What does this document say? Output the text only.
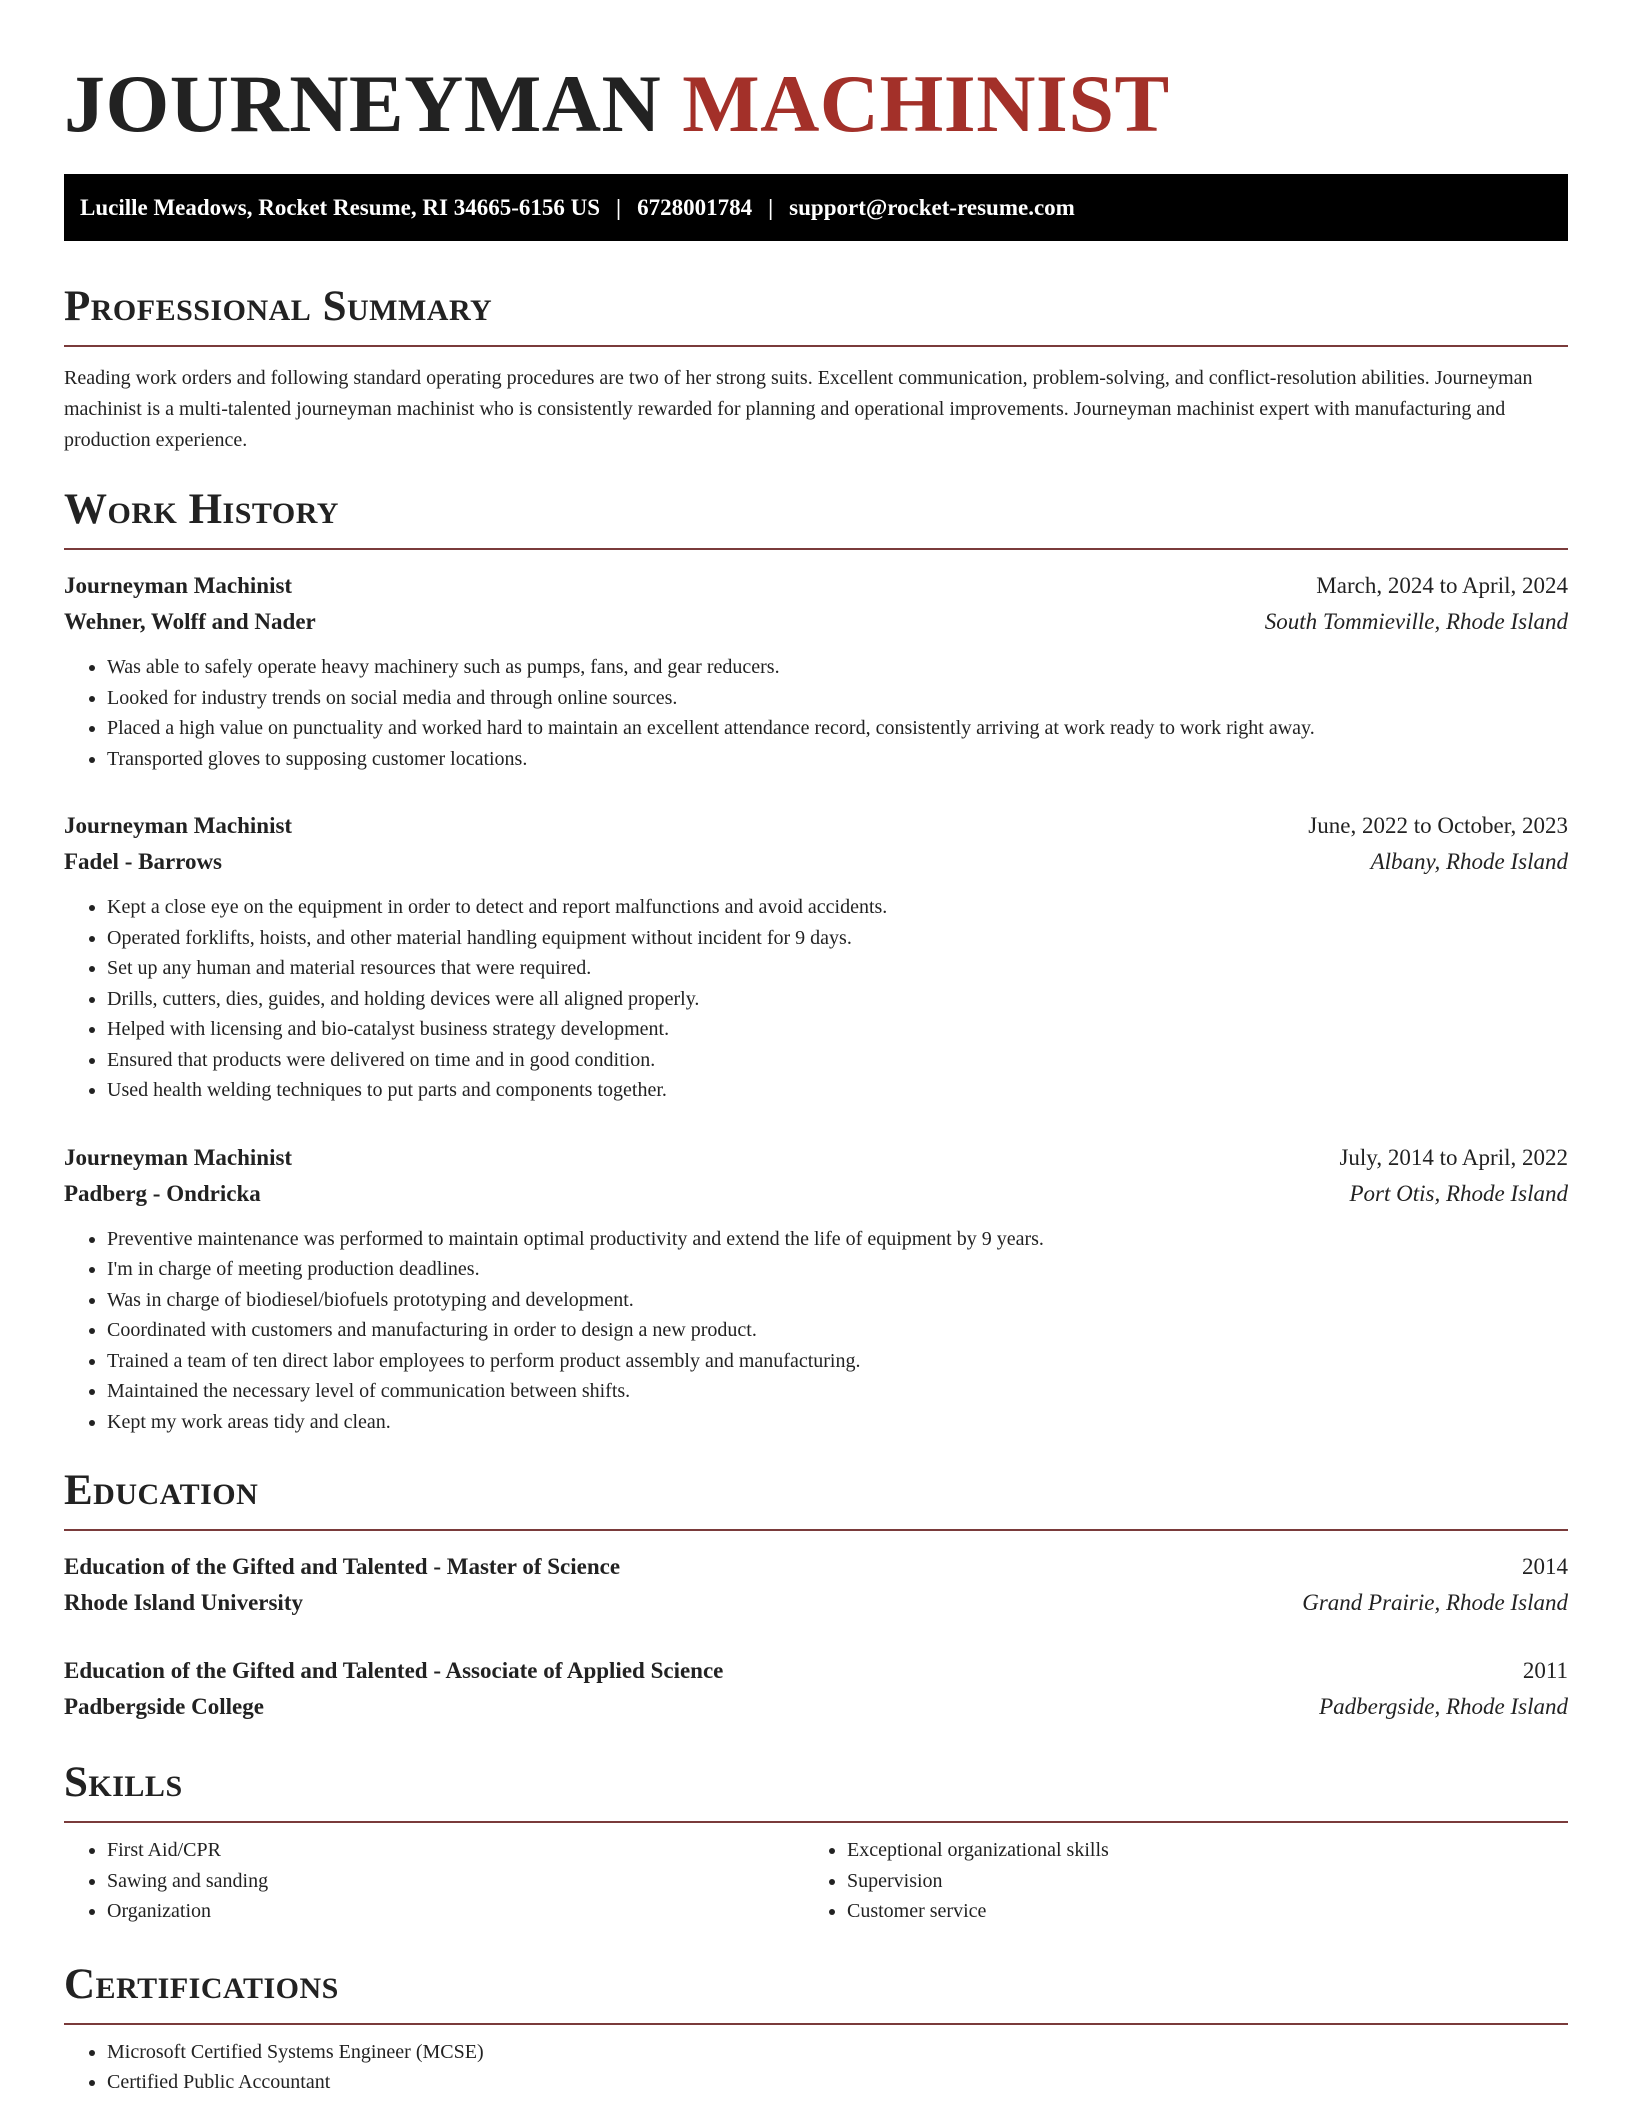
JOURNEYMAN MACHINIST
Lucille Meadows, Rocket Resume, RI 34665-6156 US | 6728001784 | support@rocket-resume.com
Professional Summary

Reading work orders and following standard operating procedures are two of her strong suits. Excellent communication, problem-solving, and conflict-resolution abilities. Journeyman machinist is a multi-talented journeyman machinist who is consistently rewarded for planning and operational improvements. Journeyman machinist expert with manufacturing and production experience.

Work History
Journeyman Machinist	March, 2024 to April, 2024
Wehner, Wolff and Nader	South Tommieville, Rhode Island
• Was able to safely operate heavy machinery such as pumps, fans, and gear reducers.
• Looked for industry trends on social media and through online sources.
• Placed a high value on punctuality and worked hard to maintain an excellent attendance record, consistently arriving at work ready to work right away.
• Transported gloves to supposing customer locations.
Journeyman Machinist	June, 2022 to October, 2023
Fadel - Barrows	Albany, Rhode Island
• Kept a close eye on the equipment in order to detect and report malfunctions and avoid accidents.
• Operated forklifts, hoists, and other material handling equipment without incident for 9 days.
• Set up any human and material resources that were required.
• Drills, cutters, dies, guides, and holding devices were all aligned properly.
• Helped with licensing and bio-catalyst business strategy development.
• Ensured that products were delivered on time and in good condition.
• Used health welding techniques to put parts and components together.
Journeyman Machinist	July, 2014 to April, 2022
Padberg - Ondricka	Port Otis, Rhode Island
• Preventive maintenance was performed to maintain optimal productivity and extend the life of equipment by 9 years.
• I'm in charge of meeting production deadlines.
• Was in charge of biodiesel/biofuels prototyping and development.
• Coordinated with customers and manufacturing in order to design a new product.
• Trained a team of ten direct labor employees to perform product assembly and manufacturing.
• Maintained the necessary level of communication between shifts.
• Kept my work areas tidy and clean.
Education
Education of the Gifted and Talented - Master of Science	2014
Rhode Island University	Grand Prairie, Rhode Island
Education of the Gifted and Talented - Associate of Applied Science	2011
Padbergside College	Padbergside, Rhode Island
Skills
• First Aid/CPR
• Sawing and sanding
• Organization
• Exceptional organizational skills
• Supervision
• Customer service
Certifications
• Microsoft Certified Systems Engineer (MCSE)
• Certified Public Accountant
